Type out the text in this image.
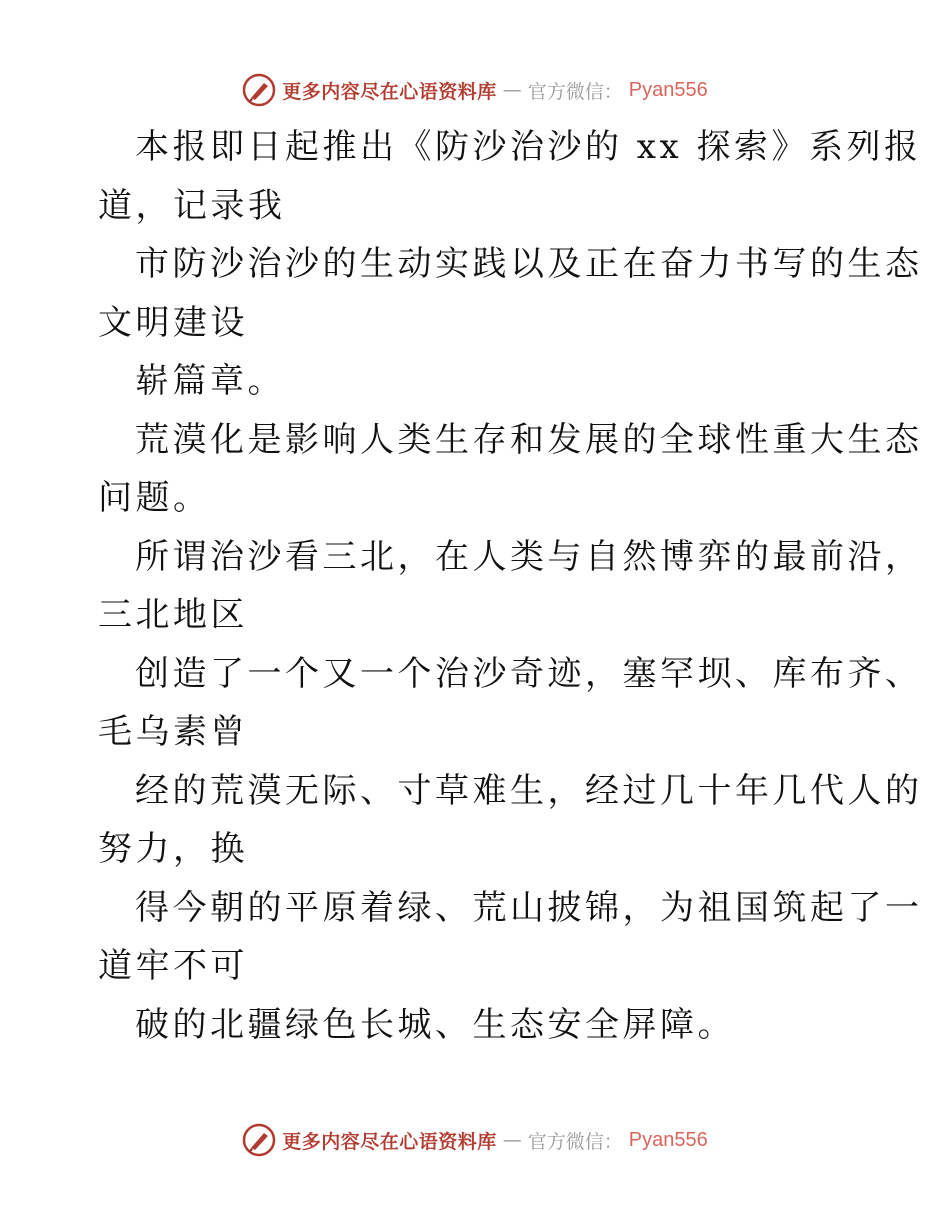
更多内容尽在心语资料库 — 官方微信： Pyan556
本报即日起推出《防沙治沙的 xx 探索》系列报
道，记录我
市防沙治沙的生动实践以及正在奋力书写的生态
文明建设
崭篇章。
荒漠化是影响人类生存和发展的全球性重大生态
问题。
所谓治沙看三北，在人类与自然博弈的最前沿，
三北地区
创造了一个又一个治沙奇迹，塞罕坝、库布齐、
毛乌素曾
经的荒漠无际、寸草难生，经过几十年几代人的
努力，换
得今朝的平原着绿、荒山披锦，为祖国筑起了一
道牢不可
破的北疆绿色长城、生态安全屏障。
更多内容尽在心语资料库 — 官方微信： Pyan556
